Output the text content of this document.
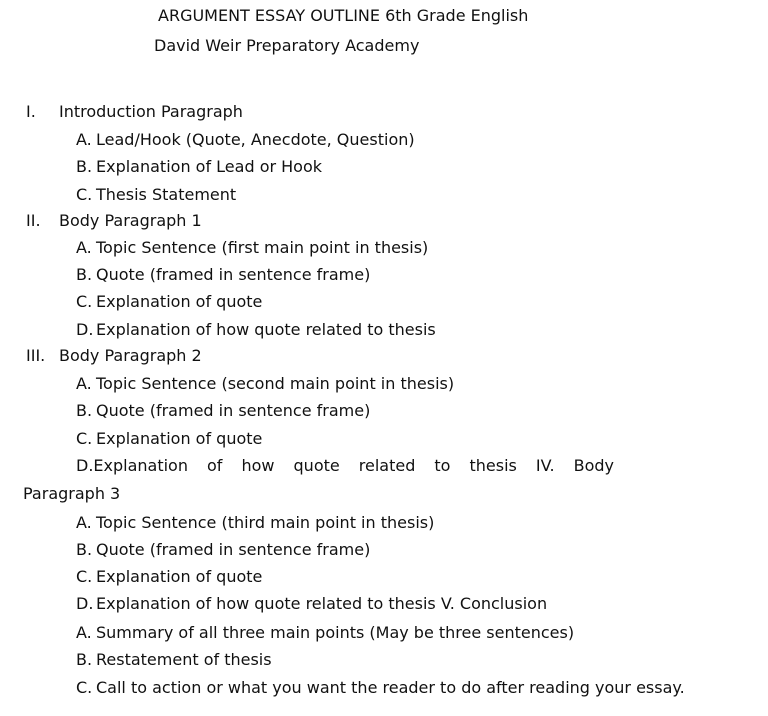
ARGUMENT ESSAY OUTLINE 6th Grade English
David Weir Preparatory Academy
I. Introduction Paragraph
A. Lead/Hook (Quote, Anecdote, Question)
B. Explanation of Lead or Hook
C. Thesis Statement
II. Body Paragraph 1
A. Topic Sentence (first main point in thesis)
B. Quote (framed in sentence frame)
C. Explanation of quote
D. Explanation of how quote related to thesis
III. Body Paragraph 2
A. Topic Sentence (second main point in thesis)
B. Quote (framed in sentence frame)
C. Explanation of quote
D.Explanation of how quote related to thesis IV. Body
Paragraph 3
A. Topic Sentence (third main point in thesis)
B. Quote (framed in sentence frame)
C. Explanation of quote
D. Explanation of how quote related to thesis V. Conclusion
A. Summary of all three main points (May be three sentences)
B. Restatement of thesis
C. Call to action or what you want the reader to do after reading your essay.
